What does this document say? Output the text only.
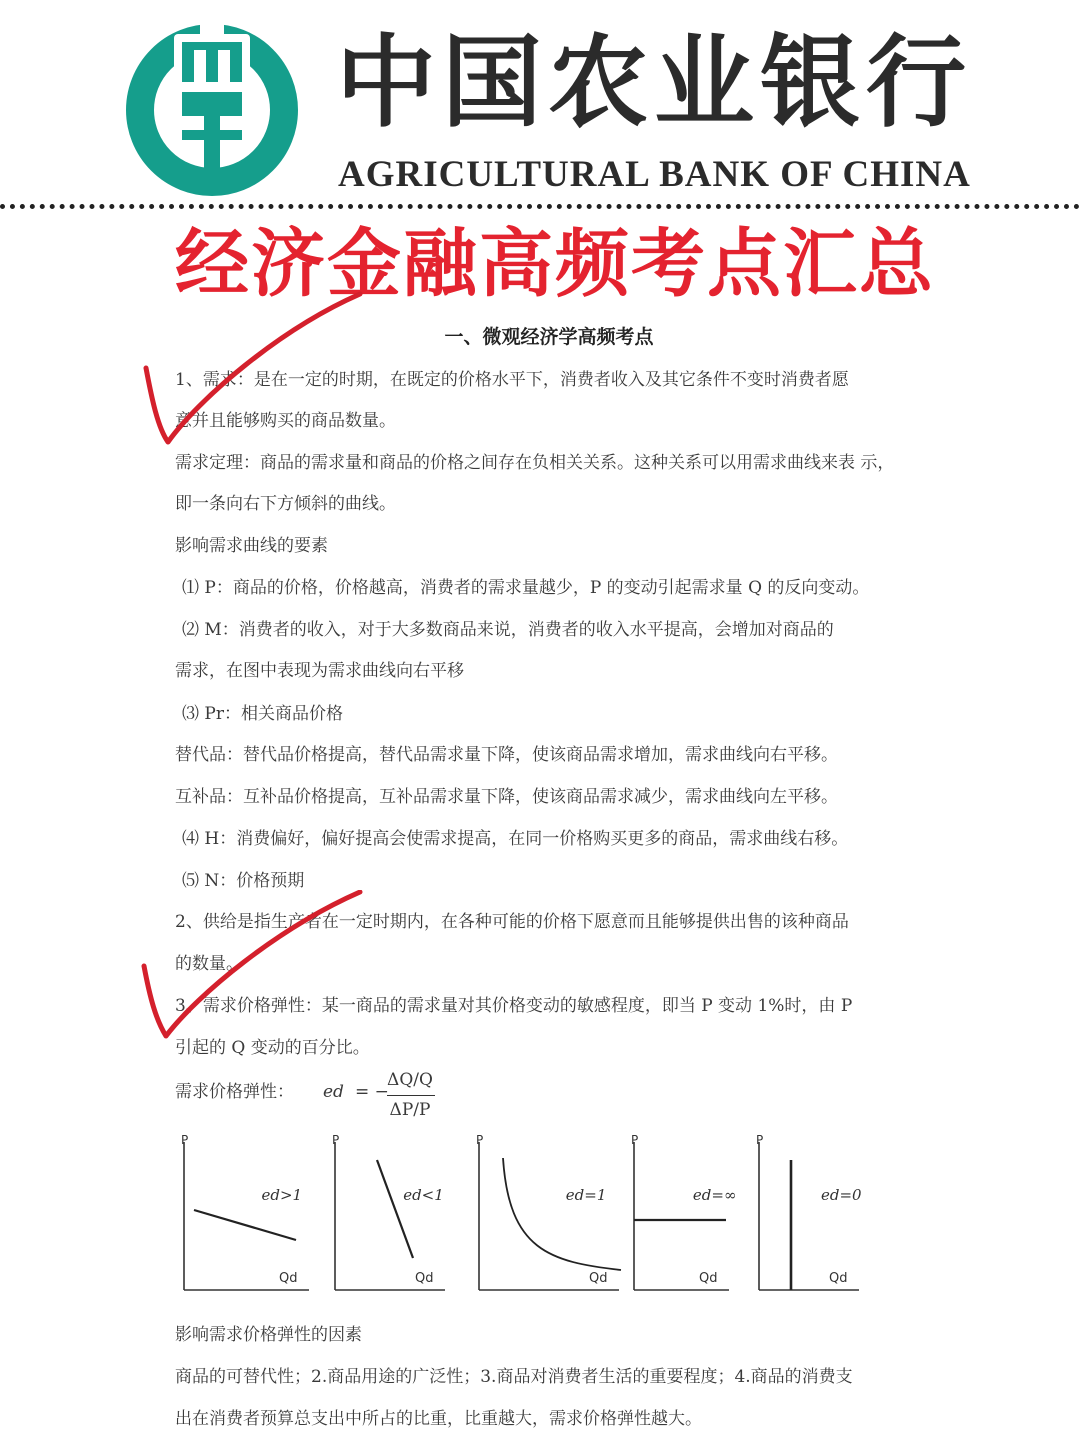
中国农业银行
AGRICULTURAL BANK OF CHINA
经济金融高频考点汇总
一、微观经济学高频考点
1、需求：是在一定的时期，在既定的价格水平下，消费者收入及其它条件不变时消费者愿
意并且能够购买的商品数量。
需求定理：商品的需求量和商品的价格之间存在负相关关系。这种关系可以用需求曲线来表 示，
即一条向右下方倾斜的曲线。
影响需求曲线的要素
⑴ P：商品的价格，价格越高，消费者的需求量越少，P 的变动引起需求量 Q 的反向变动。
⑵ M：消费者的收入，对于大多数商品来说，消费者的收入水平提高，会增加对商品的
需求，在图中表现为需求曲线向右平移
⑶ Pr：相关商品价格
替代品：替代品价格提高，替代品需求量下降，使该商品需求增加，需求曲线向右平移。
互补品：互补品价格提高，互补品需求量下降，使该商品需求减少，需求曲线向左平移。
⑷ H：消费偏好，偏好提高会使需求提高，在同一价格购买更多的商品，需求曲线右移。
⑸ N：价格预期
2、供给是指生产者在一定时期内，在各种可能的价格下愿意而且能够提供出售的该种商品
的数量。
3、需求价格弹性：某一商品的需求量对其价格变动的敏感程度，即当 P 变动 1%时，由 P
引起的 Q 变动的百分比。
需求价格弹性： ed = −
ΔQ/Q
ΔP/P
P
Qd
ed>1
P
Qd
ed<1
P
Qd
ed=1
P
Qd
ed=∞
P
Qd
ed=0
影响需求价格弹性的因素
商品的可替代性；2.商品用途的广泛性；3.商品对消费者生活的重要程度；4.商品的消费支
出在消费者预算总支出中所占的比重，比重越大，需求价格弹性越大。
